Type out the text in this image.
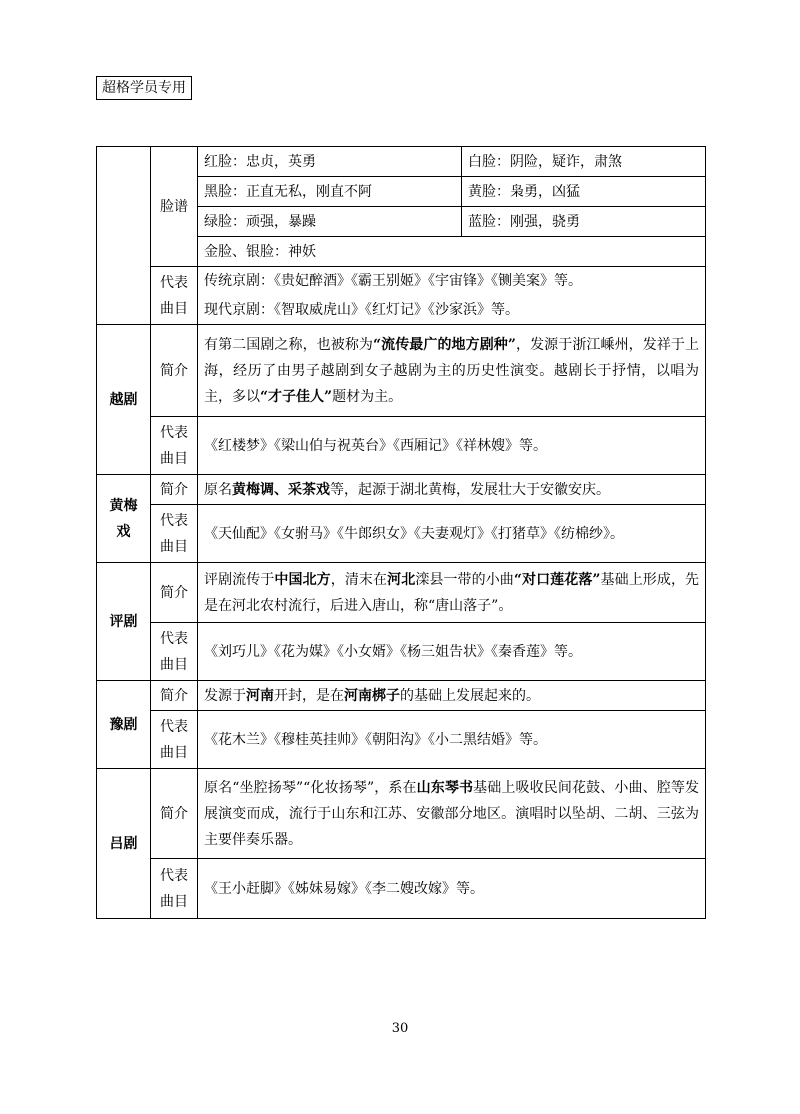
超格学员专用
	脸谱	红脸：忠贞，英勇	白脸：阴险，疑诈，肃煞
		黑脸：正直无私，刚直不阿	黄脸：枭勇，凶猛
		绿脸：顽强，暴躁	蓝脸：刚强，骁勇
		金脸、银脸：神妖	
	代表
曲目	传统京剧：《贵妃醉酒》《霸王别姬》《宇宙锋》《铡美案》等。	
		现代京剧：《智取威虎山》《红灯记》《沙家浜》等。	
越剧	简介	有第二国剧之称，也被称为“流传最广的地方剧种”，发源于浙江嵊州，发祥于上海，经历了由男子越剧到女子越剧为主的历史性演变。越剧长于抒情，以唱为主，多以“才子佳人”题材为主。	
	代表
曲目	《红楼梦》《梁山伯与祝英台》《西厢记》《祥林嫂》等。	
黄梅
戏	简介	原名黄梅调、采茶戏等，起源于湖北黄梅，发展壮大于安徽安庆。	
	代表
曲目	《天仙配》《女驸马》《牛郎织女》《夫妻观灯》《打猪草》《纺棉纱》。	
评剧	简介	评剧流传于中国北方，清末在河北滦县一带的小曲“对口莲花落”基础上形成，先是在河北农村流行，后进入唐山，称“唐山落子”。	
	代表
曲目	《刘巧儿》《花为媒》《小女婿》《杨三姐告状》《秦香莲》等。	
豫剧	简介	发源于河南开封，是在河南梆子的基础上发展起来的。	
	代表
曲目	《花木兰》《穆桂英挂帅》《朝阳沟》《小二黑结婚》等。	
吕剧	简介	原名“坐腔扬琴”“化妆扬琴”，系在山东琴书基础上吸收民间花鼓、小曲、腔等发展演变而成，流行于山东和江苏、安徽部分地区。演唱时以坠胡、二胡、三弦为主要伴奏乐器。	
	代表
曲目	《王小赶脚》《姊妹易嫁》《李二嫂改嫁》等。	
30
